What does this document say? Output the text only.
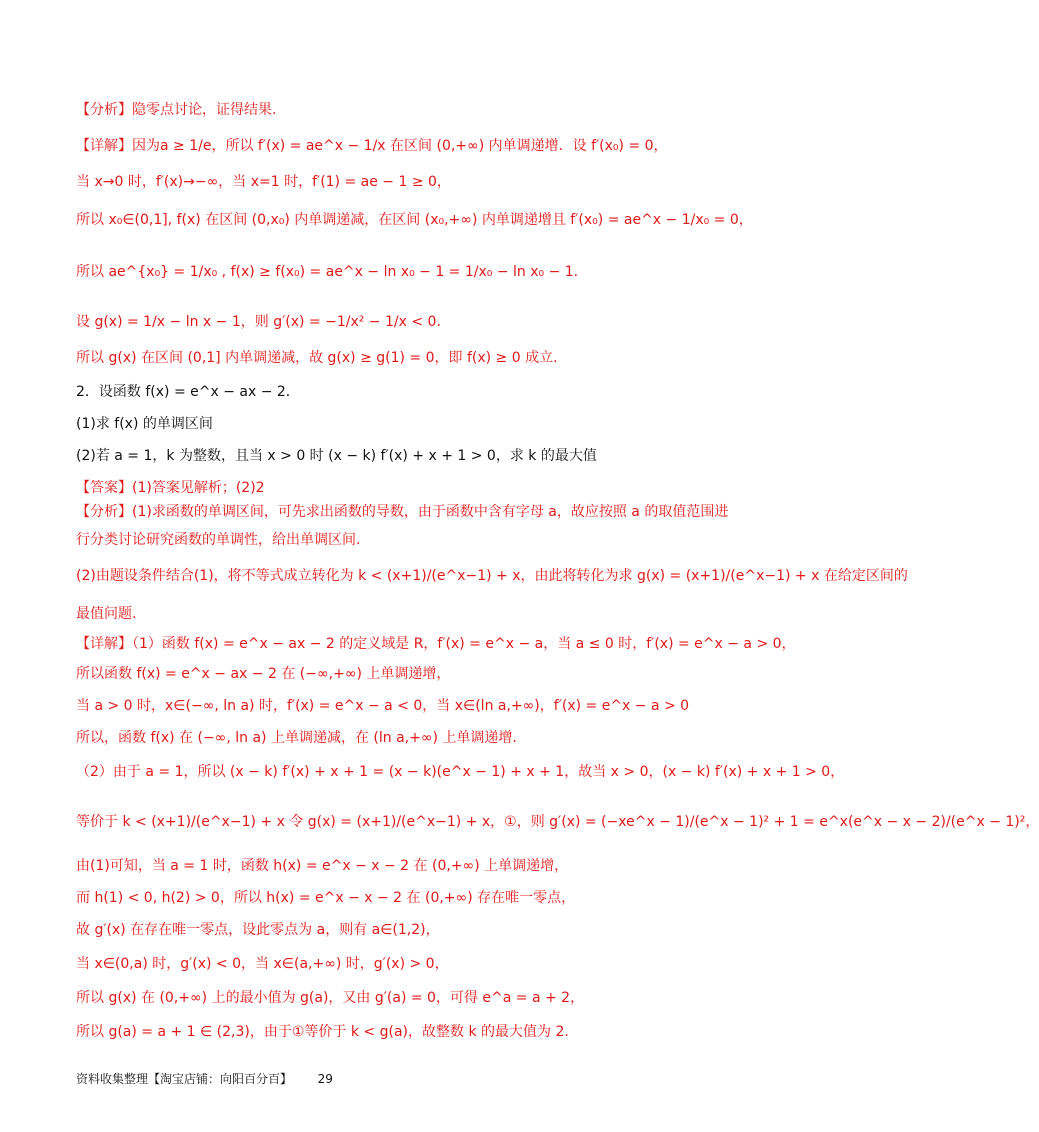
【分析】隐零点讨论，证得结果.
【详解】因为a ≥ 1/e，所以 f′(x) = ae^x − 1/x 在区间 (0,+∞) 内单调递增．设 f′(x₀) = 0，
当 x→0 时，f′(x)→−∞，当 x=1 时，f′(1) = ae − 1 ≥ 0，
所以 x₀∈(0,1], f(x) 在区间 (0,x₀) 内单调递减，在区间 (x₀,+∞) 内单调递增且 f′(x₀) = ae^x − 1/x₀ = 0，
所以 ae^{x₀} = 1/x₀ , f(x) ≥ f(x₀) = ae^x − ln x₀ − 1 = 1/x₀ − ln x₀ − 1．
设 g(x) = 1/x − ln x − 1，则 g′(x) = −1/x² − 1/x < 0．
所以 g(x) 在区间 (0,1] 内单调递减，故 g(x) ≥ g(1) = 0，即 f(x) ≥ 0 成立.
2．设函数 f(x) = e^x − ax − 2．
(1)求 f(x) 的单调区间
(2)若 a = 1，k 为整数，且当 x > 0 时 (x − k) f′(x) + x + 1 > 0，求 k 的最大值
【答案】(1)答案见解析；(2)2
【分析】(1)求函数的单调区间，可先求出函数的导数，由于函数中含有字母 a，故应按照 a 的取值范围进
行分类讨论研究函数的单调性，给出单调区间.
(2)由题设条件结合(1)，将不等式成立转化为 k < (x+1)/(e^x−1) + x，由此将转化为求 g(x) = (x+1)/(e^x−1) + x 在给定区间的
最值问题.
【详解】（1）函数 f(x) = e^x − ax − 2 的定义域是 R，f′(x) = e^x − a，当 a ≤ 0 时，f′(x) = e^x − a > 0，
所以函数 f(x) = e^x − ax − 2 在 (−∞,+∞) 上单调递增，
当 a > 0 时，x∈(−∞, ln a) 时，f′(x) = e^x − a < 0，当 x∈(ln a,+∞)，f′(x) = e^x − a > 0
所以，函数 f(x) 在 (−∞, ln a) 上单调递减，在 (ln a,+∞) 上单调递增.
（2）由于 a = 1，所以 (x − k) f′(x) + x + 1 = (x − k)(e^x − 1) + x + 1，故当 x > 0，(x − k) f′(x) + x + 1 > 0，
等价于 k < (x+1)/(e^x−1) + x 令 g(x) = (x+1)/(e^x−1) + x，①，则 g′(x) = (−xe^x − 1)/(e^x − 1)² + 1 = e^x(e^x − x − 2)/(e^x − 1)²，
由(1)可知，当 a = 1 时，函数 h(x) = e^x − x − 2 在 (0,+∞) 上单调递增，
而 h(1) < 0, h(2) > 0，所以 h(x) = e^x − x − 2 在 (0,+∞) 存在唯一零点，
故 g′(x) 在存在唯一零点，设此零点为 a，则有 a∈(1,2)，
当 x∈(0,a) 时，g′(x) < 0，当 x∈(a,+∞) 时，g′(x) > 0，
所以 g(x) 在 (0,+∞) 上的最小值为 g(a)，又由 g′(a) = 0，可得 e^a = a + 2，
所以 g(a) = a + 1 ∈ (2,3)，由于①等价于 k < g(a)，故整数 k 的最大值为 2.
资料收集整理【淘宝店铺：向阳百分百】 29
